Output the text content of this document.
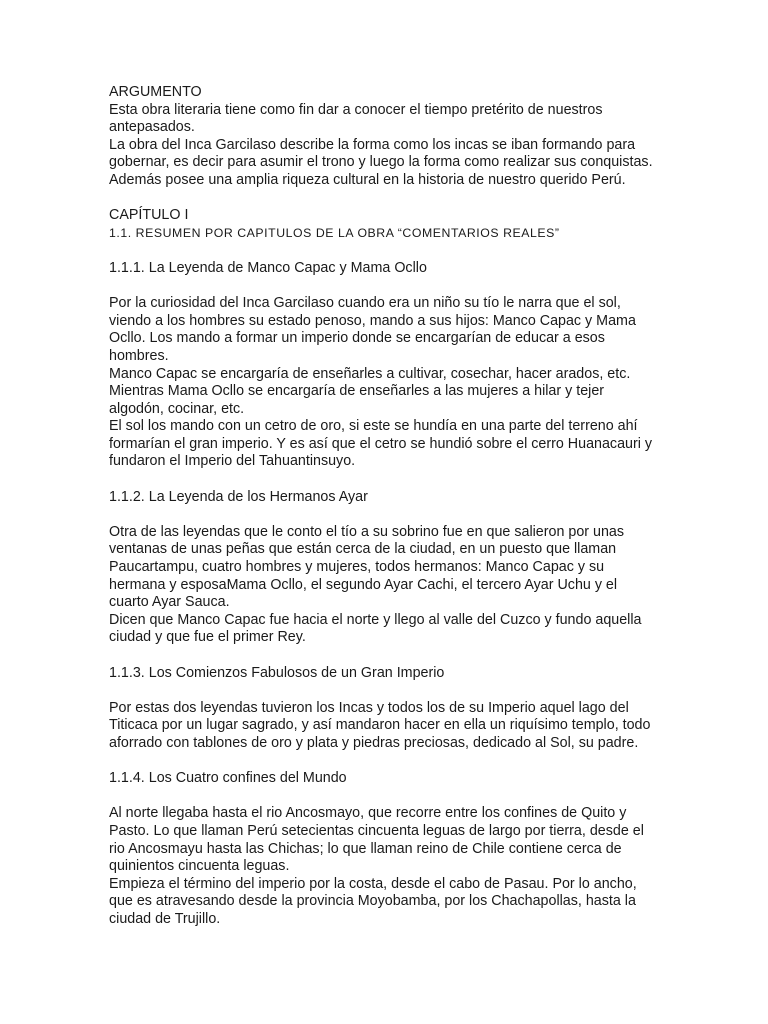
ARGUMENTO
Esta obra literaria tiene como fin dar a conocer el tiempo pretérito de nuestros
antepasados.
La obra del Inca Garcilaso describe la forma como los incas se iban formando para
gobernar, es decir para asumir el trono y luego la forma como realizar sus conquistas.
Además posee una amplia riqueza cultural en la historia de nuestro querido Perú.
CAPÍTULO I
1.1. RESUMEN POR CAPITULOS DE LA OBRA “COMENTARIOS REALES”
1.1.1. La Leyenda de Manco Capac y Mama Ocllo
Por la curiosidad del Inca Garcilaso cuando era un niño su tío le narra que el sol,
viendo a los hombres su estado penoso, mando a sus hijos: Manco Capac y Mama
Ocllo. Los mando a formar un imperio donde se encargarían de educar a esos
hombres.
Manco Capac se encargaría de enseñarles a cultivar, cosechar, hacer arados, etc.
Mientras Mama Ocllo se encargaría de enseñarles a las mujeres a hilar y tejer
algodón, cocinar, etc.
El sol los mando con un cetro de oro, si este se hundía en una parte del terreno ahí
formarían el gran imperio. Y es así que el cetro se hundió sobre el cerro Huanacauri y
fundaron el Imperio del Tahuantinsuyo.
1.1.2. La Leyenda de los Hermanos Ayar
Otra de las leyendas que le conto el tío a su sobrino fue en que salieron por unas
ventanas de unas peñas que están cerca de la ciudad, en un puesto que llaman
Paucartampu, cuatro hombres y mujeres, todos hermanos: Manco Capac y su
hermana y esposaMama Ocllo, el segundo Ayar Cachi, el tercero Ayar Uchu y el
cuarto Ayar Sauca.
Dicen que Manco Capac fue hacia el norte y llego al valle del Cuzco y fundo aquella
ciudad y que fue el primer Rey.
1.1.3. Los Comienzos Fabulosos de un Gran Imperio
Por estas dos leyendas tuvieron los Incas y todos los de su Imperio aquel lago del
Titicaca por un lugar sagrado, y así mandaron hacer en ella un riquísimo templo, todo
aforrado con tablones de oro y plata y piedras preciosas, dedicado al Sol, su padre.
1.1.4. Los Cuatro confines del Mundo
Al norte llegaba hasta el rio Ancosmayo, que recorre entre los confines de Quito y
Pasto. Lo que llaman Perú setecientas cincuenta leguas de largo por tierra, desde el
rio Ancosmayu hasta las Chichas; lo que llaman reino de Chile contiene cerca de
quinientos cincuenta leguas.
Empieza el término del imperio por la costa, desde el cabo de Pasau. Por lo ancho,
que es atravesando desde la provincia Moyobamba, por los Chachapollas, hasta la
ciudad de Trujillo.
